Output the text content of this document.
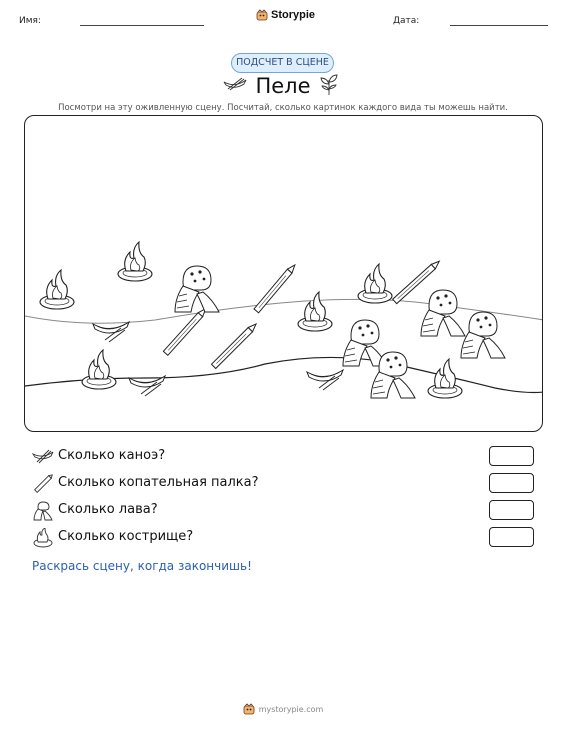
Имя:	Storypie	Дата:
ПОДСЧЕТ В СЦЕНЕ
Пеле
Посмотри на эту оживленную сцену. Посчитай, сколько картинок каждого вида ты можешь найти.
Сколько каноэ?
Сколько копательная палка?
Сколько лава?
Сколько кострище?
Раскрась сцену, когда закончишь!
mystorypie.com
